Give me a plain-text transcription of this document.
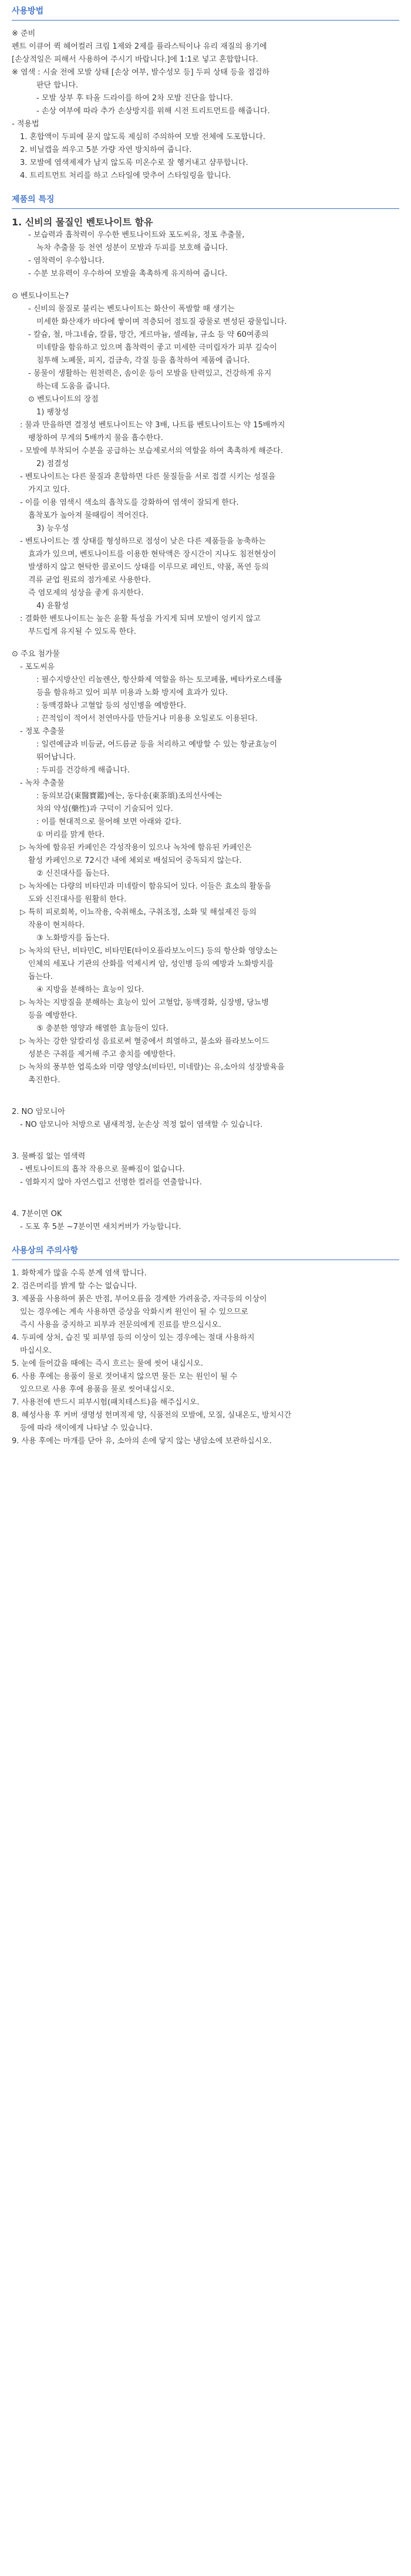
사용방법
※ 준비
펜트 이큐어 퀵 헤어컬러 크림 1제와 2제를 플라스틱이나 유리 재질의 용기에
[손상적일은 피해서 사용하여 주시기 바랍니다.]에 1:1로 넣고 혼합합니다.
※ 염색 : 시술 전에 모발 상태 [손상 여부, 발수성모 등] 두피 상태 등을 점검하
판단 합니다.
- 모발 상부 후 타올 드라이를 하여 2차 모발 진단을 합니다.
- 손상 여부에 따라 추가 손상방지를 위해 시전 트리트먼트를 해줍니다.
- 적용법
1. 혼합액이 두피에 묻지 않도록 제심히 주의하여 모발 전체에 도포합니다.
2. 비닐캡을 씌우고 5분 가량 자연 방치하여 줍니다.
3. 모발에 염색제제가 남지 않도록 미온수로 잘 헹거내고 샴푸합니다.
4. 트리트먼트 처리를 하고 스타일에 맞추어 스타일링을 합니다.
제품의 특징
1. 신비의 물질인 벤토나이트 함유
- 보습력과 흡착력이 우수한 벤토나이트와 포도씨유, 정포 추출물,
녹차 추출물 등 천연 성분이 모발과 두피를 보호해 줍니다.
- 염착력이 우수합니다.
- 수분 보유력이 우수하여 모발을 촉촉하게 유지하여 줍니다.
⊙ 벤토나이트는?
- 신비의 물질로 불리는 벤토나이트는 화산이 폭발할 때 생기는
미세한 화산재가 바다에 쌓이며 적층되어 점토질 광물로 변성된 광물입니다.
- 칼슘, 철, 마그네슘, 칼륨, 망간, 게르마늄, 셀레늄, 규소 등 약 60여종의
미네랄을 함유하고 있으며 흡착력이 좋고 미세한 극미립자가 피부 깊숙이
침투해 노폐물, 피지, 검금속, 각질 등을 흡착하여 제품에 줍니다.
- 몽물이 생활하는 원천력은, 솜이운 등이 모발을 탄력있고, 건강하게 유지
하는데 도움을 줍니다.
⊙ 벤토나이트의 장점
1) 팽창성
: 물과 만을하면 결정성 벤토나이트는 약 3배, 나트륨 벤토나이트는 약 15배까지
팽창하여 무게의 5배까지 물을 흡수한다.
- 모발에 부착되어 수분을 공급하는 보습제로서의 역할을 하여 촉촉하게 해준다.
2) 점결성
- 벤토나이트는 다른 물질과 혼합하면 다른 물질들을 서로 접결 시키는 성질을
가지고 있다.
- 이를 이용 염색시 색소의 흡착도를 강화하여 염색이 잘되게 한다.
흡착포가 높아져 물때림이 적어진다.
3) 능우성
- 벤토나이트는 겔 상태를 형성하므로 점성이 낮은 다른 제품들을 농축하는
효과가 있으며, 벤토나이트를 이용한 현탁액은 장시간이 지나도 침전현상이
발생하지 않고 현탁한 콜로이드 상태를 이루므로 페인트, 약품, 폭연 등의
격류 균업 원료의 점가제로 사용한다.
즉 염모제의 성상을 좋게 유지한다.
4) 윤활성
: 결화한 벤토나이트는 높은 윤활 특성을 가지게 되며 모발이 엉키지 않고
부드럽게 유지될 수 있도록 한다.
⊙ 주요 첨가물
- 포도씨유
: 필수지방산인 리놀렌산, 항산화제 역할을 하는 토코페롤, 베타카로스테롤
등을 함유하고 있어 피부 미용과 노화 방지에 효과가 있다.
: 동맥경화나 고혈압 등의 성인병을 예방한다.
: 끈적임이 적어서 천연마사를 만들거나 미용용 오일로도 이용된다.
- 정포 추출물
: 일련예금과 비듬균, 여드름균 등을 처리하고 예방할 수 있는 항균효능이
뛰어납니다.
: 두피를 건강하게 해줍니다.
- 녹차 추출물
: 동의보감(東醫寶鑑)에는, 동다송(東茶頌)조의선사에는
차의 약성(藥性)과 구덕이 기술되어 있다.
: 이를 현대적으로 물어해 보면 아래와 같다.
① 머리를 맑게 한다.
▷ 녹차에 함유된 카페인은 각성작용이 있으나 녹차에 함유된 카페인은
활성 카페인으로 72시간 내에 체외로 배설되어 중독되지 않는다.
② 신진대사를 돕는다.
▷ 녹차에는 다량의 비타민과 미네랄이 함유되어 있다. 이들은 효소의 활동을
도와 신진대사를 원활히 한다.
▷ 특히 피로회복, 이뇨작용, 숙취해소, 구취조정, 소화 및 해설제진 등의
작용이 현저하다.
③ 노화방지를 돕는다.
▷ 녹차의 탄닌, 비타민C, 비타민E(타이오플라보노이드) 등의 항산화 영양소는
인체의 세포나 기관의 산화를 억제시켜 암, 성인병 등의 예방과 노화방지를
돕는다.
④ 지방을 분해하는 효능이 있다.
▷ 녹차는 지방질을 분해하는 효능이 있어 고혈압, 동맥경화, 심장병, 당뇨병
등을 예방한다.
⑤ 충분한 영양과 해열한 효능들이 있다.
▷ 녹차는 강한 알칼리성 음료로써 혈중에서 희열하고, 불소와 플라보노이드
성분은 구취를 제거해 주고 충치를 예방한다.
▷ 녹차의 풍부한 엽록소와 미량 영양소(비타민, 미네랄)는 유,소아의 성장발육을
촉진한다.
2. NO 암모니아
- NO 암모니아 처방으로 냄새적정, 눈손상 적정 없이 염색할 수 있습니다.
3. 물빠짐 없는 염색력
- 벤토나이트의 흡착 작용으로 물빠짐이 없습니다.
- 염화지지 않아 자연스럽고 선명한 컬러를 연출합니다.
4. 7분이면 OK
- 도포 후 5분 ~7분이면 새치커버가 가능합니다.
사용상의 주의사항
1. 화학제가 많을 수록 분계 염색 합니다.
2. 검은머리를 밝게 할 수는 없습니다.
3. 제품을 사용하여 붉은 반점, 부어오름을 경계한 가려움증, 자극등의 이상이
있는 경우에는 계속 사용하면 증상을 악화시켜 원인이 될 수 있으므로
즉시 사용을 중지하고 피부과 전문의에게 진료를 받으십시오.
4. 두피에 상처, 습진 및 피부염 등의 이상이 있는 경우에는 절대 사용하지
마십시오.
5. 눈에 들어갔을 때에는 즉시 흐르는 물에 씻어 내십시오.
6. 사용 후에는 용품이 물로 젓어내지 않으면 물든 모는 원인이 될 수
있으므로 사용 후에 용품을 물로 씻어내십시오.
7. 사용전에 반드시 피부시험(패치테스트)을 해주십시오.
8. 혜성사용 후 커버 생명성 헌며적제 양, 식품전의 모발에, 모질, 실내온도, 방치시간
등에 따라 색이에게 나타날 수 있습니다.
9. 사용 후에는 마개를 닫아 유, 소아의 손에 닿지 않는 냉암소에 보관하십시오.
